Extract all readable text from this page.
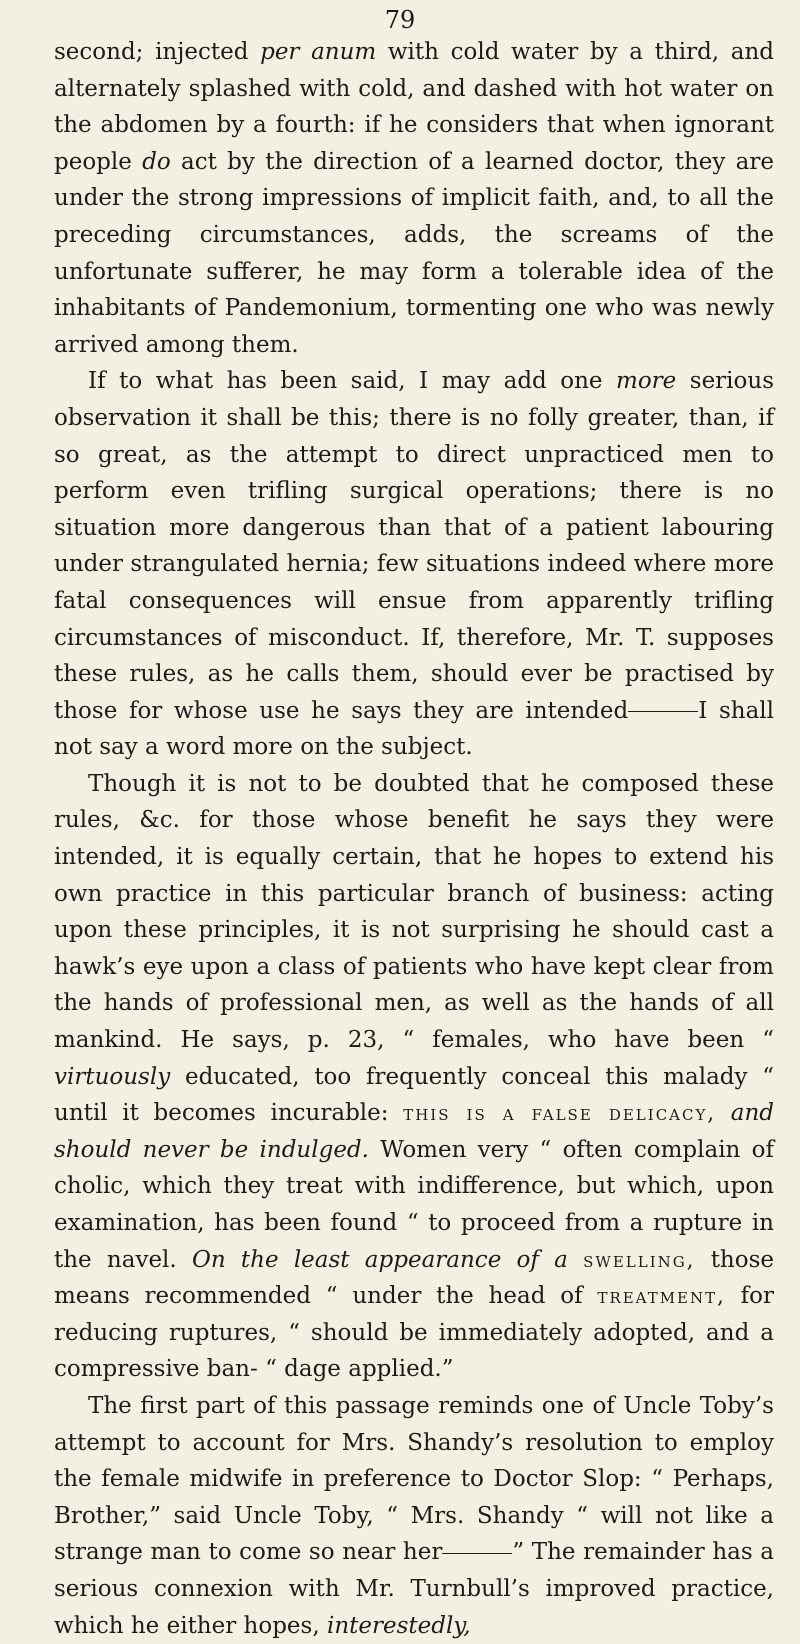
79

second; injected per anum with cold water by a third, and alternately splashed with cold, and dashed with hot water on the abdomen by a fourth: if he considers that when ignorant people do act by the direction of a learned doctor, they are under the strong impressions of implicit faith, and, to all the preceding circumstances, adds, the screams of the unfortunate sufferer, he may form a tolerable idea of the inhabitants of Pandemonium, tormenting one who was newly arrived among them.

If to what has been said, I may add one more serious observation it shall be this; there is no folly greater, than, if so great, as the attempt to direct unpracticed men to perform even trifling surgical operations; there is no situation more dangerous than that of a patient labouring under strangulated hernia; few situations indeed where more fatal consequences will ensue from apparently trifling circumstances of misconduct. If, therefore, Mr. T. supposes these rules, as he calls them, should ever be practised by those for whose use he says they are intended	I shall not say a word more on the subject.

Though it is not to be doubted that he composed these rules, &c. for those whose benefit he says they were intended, it is equally certain, that he hopes to extend his own practice in this particular branch of business: acting upon these principles, it is not surprising he should cast a hawk’s eye upon a class of patients who have kept clear from the hands of professional men, as well as the hands of all mankind. He says, p. 23, “ females, who have been “ virtuously educated, too frequently conceal this malady “ until it becomes incurable: this is a false delicacy, and should never be indulged. Women very “ often complain of cholic, which they treat with indifference, but which, upon examination, has been found “ to proceed from a rupture in the navel. On the least appearance of a swelling, those means recommended “ under the head of treatment, for reducing ruptures, “ should be immediately adopted, and a compressive ban- “ dage applied.”

The first part of this passage reminds one of Uncle Toby’s attempt to account for Mrs. Shandy’s resolution to employ the female midwife in preference to Doctor Slop: “ Perhaps, Brother,” said Uncle Toby, “ Mrs. Shandy “ will not like a strange man to come so near her	” The remainder has a serious connexion with Mr. Turnbull’s improved practice, which he either hopes, interestedly,
